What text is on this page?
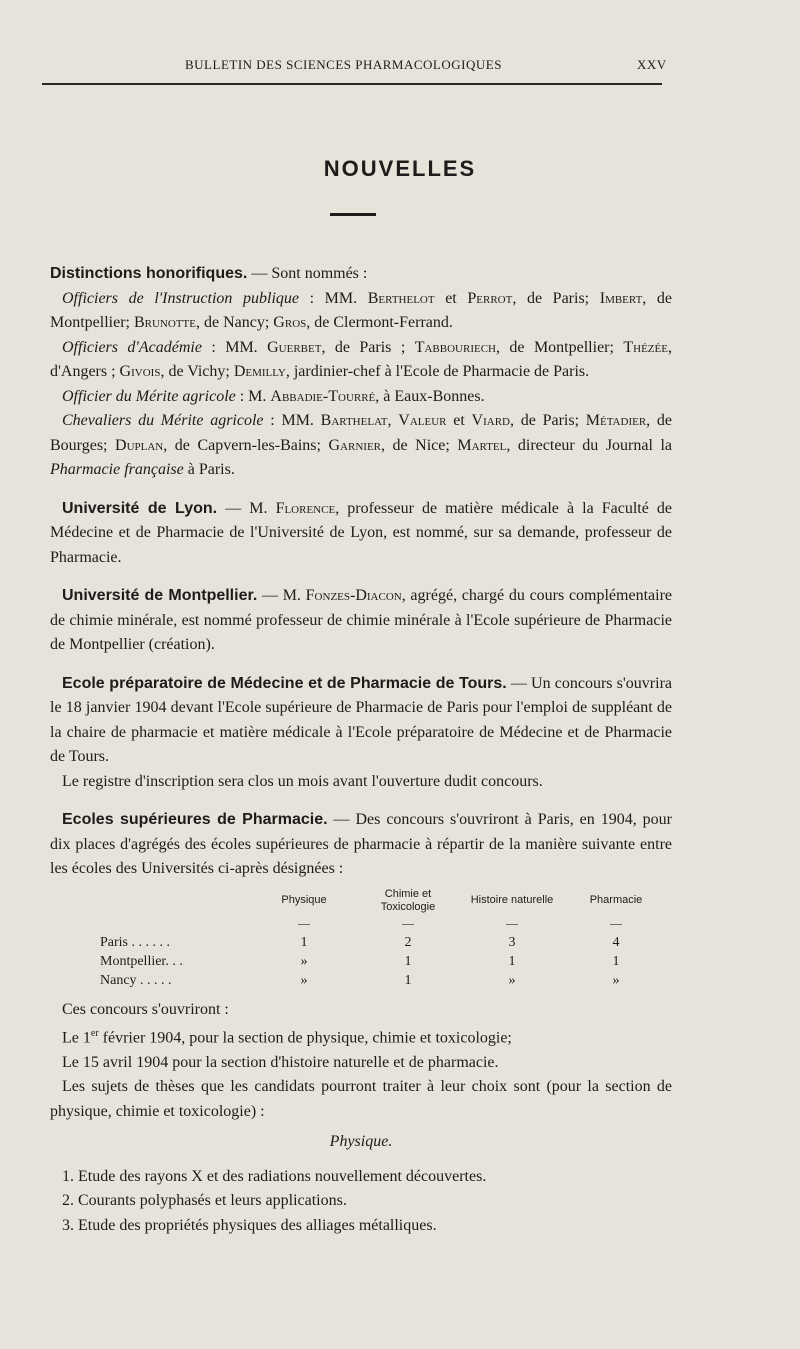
BULLETIN DES SCIENCES PHARMACOLOGIQUES	XXV
NOUVELLES

Distinctions honorifiques. — Sont nommés :

Officiers de l'Instruction publique : MM. Berthelot et Perrot, de Paris; Imbert, de Montpellier; Brunotte, de Nancy; Gros, de Clermont-Ferrand.

Officiers d'Académie : MM. Guerbet, de Paris ; Tabbouriech, de Montpellier; Thézée, d'Angers ; Givois, de Vichy; Demilly, jardinier-chef à l'Ecole de Pharmacie de Paris.

Officier du Mérite agricole : M. Abbadie-Tourré, à Eaux-Bonnes.

Chevaliers du Mérite agricole : MM. Barthelat, Valeur et Viard, de Paris; Métadier, de Bourges; Duplan, de Capvern-les-Bains; Garnier, de Nice; Martel, directeur du Journal la Pharmacie française à Paris.

Université de Lyon. — M. Florence, professeur de matière médicale à la Faculté de Médecine et de Pharmacie de l'Université de Lyon, est nommé, sur sa demande, professeur de Pharmacie.

Université de Montpellier. — M. Fonzes-Diacon, agrégé, chargé du cours complémentaire de chimie minérale, est nommé professeur de chimie minérale à l'Ecole supérieure de Pharmacie de Montpellier (création).

Ecole préparatoire de Médecine et de Pharmacie de Tours. — Un concours s'ouvrira le 18 janvier 1904 devant l'Ecole supérieure de Pharmacie de Paris pour l'emploi de suppléant de la chaire de pharmacie et matière médicale à l'Ecole préparatoire de Médecine et de Pharmacie de Tours.

Le registre d'inscription sera clos un mois avant l'ouverture dudit concours.

Ecoles supérieures de Pharmacie. — Des concours s'ouvriront à Paris, en 1904, pour dix places d'agrégés des écoles supérieures de pharmacie à répartir de la manière suivante entre les écoles des Universités ci-après désignées :

	Physique	Chimie et Toxicologie	Histoire naturelle	Pharmacie
	—	—	—	—
Paris . . . . . .	1	2	3	4
Montpellier. . .	»	1	1	1
Nancy . . . . .	»	1	»	»

Ces concours s'ouvriront :

Le 1er février 1904, pour la section de physique, chimie et toxicologie;

Le 15 avril 1904 pour la section d'histoire naturelle et de pharmacie.

Les sujets de thèses que les candidats pourront traiter à leur choix sont (pour la section de physique, chimie et toxicologie) :

Physique.

1. Etude des rayons X et des radiations nouvellement découvertes.

2. Courants polyphasés et leurs applications.

3. Etude des propriétés physiques des alliages métalliques.
